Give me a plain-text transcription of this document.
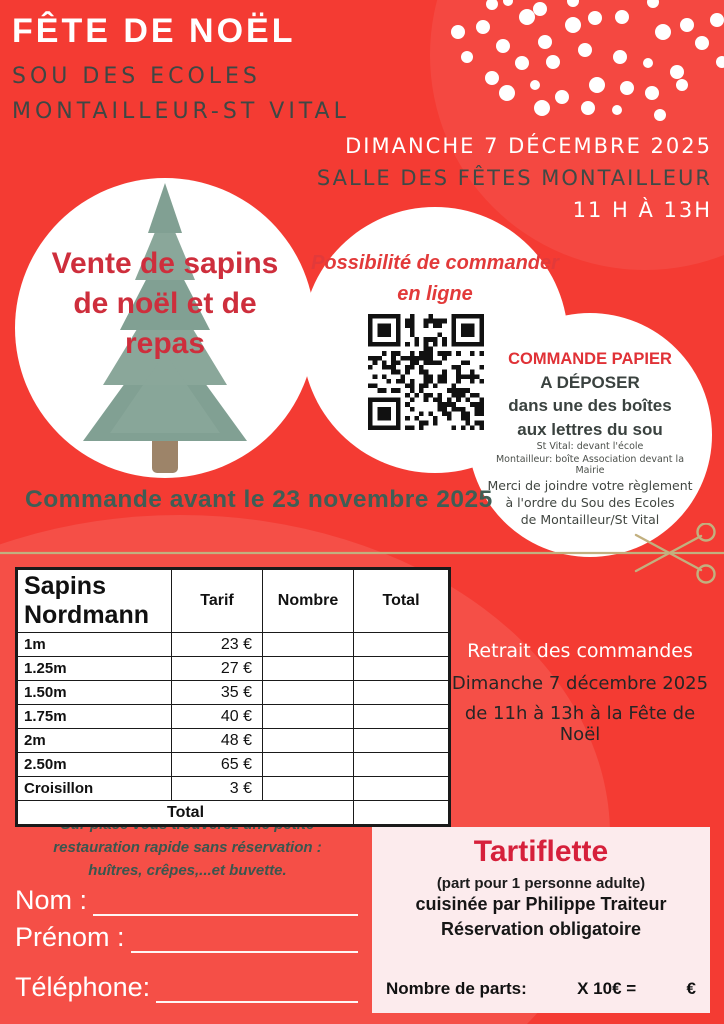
Vente de sapins
de noël et de
repas
Possibilité de commander
en ligne
COMMANDE PAPIER
A DÉPOSER
dans une des boîtes
aux lettres du sou
St Vital: devant l'école
Montailleur: boîte Association devant la Mairie
Merci de joindre votre règlement
à l'ordre du Sou des Ecoles
de Montailleur/St Vital
FÊTE DE NOËL
SOU DES ECOLES
MONTAILLEUR-ST VITAL
DIMANCHE 7 DÉCEMBRE 2025
SALLE DES FÊTES MONTAILLEUR
11 H À 13H
Commande avant le 23 novembre 2025
Sapins Nordmann	Tarif	Nombre	Total
1m	23 €		
1.25m	27 €		
1.50m	35 €		
1.75m	40 €		
2m	48 €		
2.50m	65 €		
Croisillon	3 €		
Total			
Retrait des commandes
Dimanche 7 décembre 2025
de 11h à 13h à la Fête de Noël
restauration rapide sans réservation :
huîtres, crêpes,...et buvette.
Nom :
Prénom :
Téléphone:
Tartiflette
(part pour 1 personne adulte)
cuisinée par Philippe Traiteur
Réservation obligatoire
Nombre de parts:	X 10€ =	€
